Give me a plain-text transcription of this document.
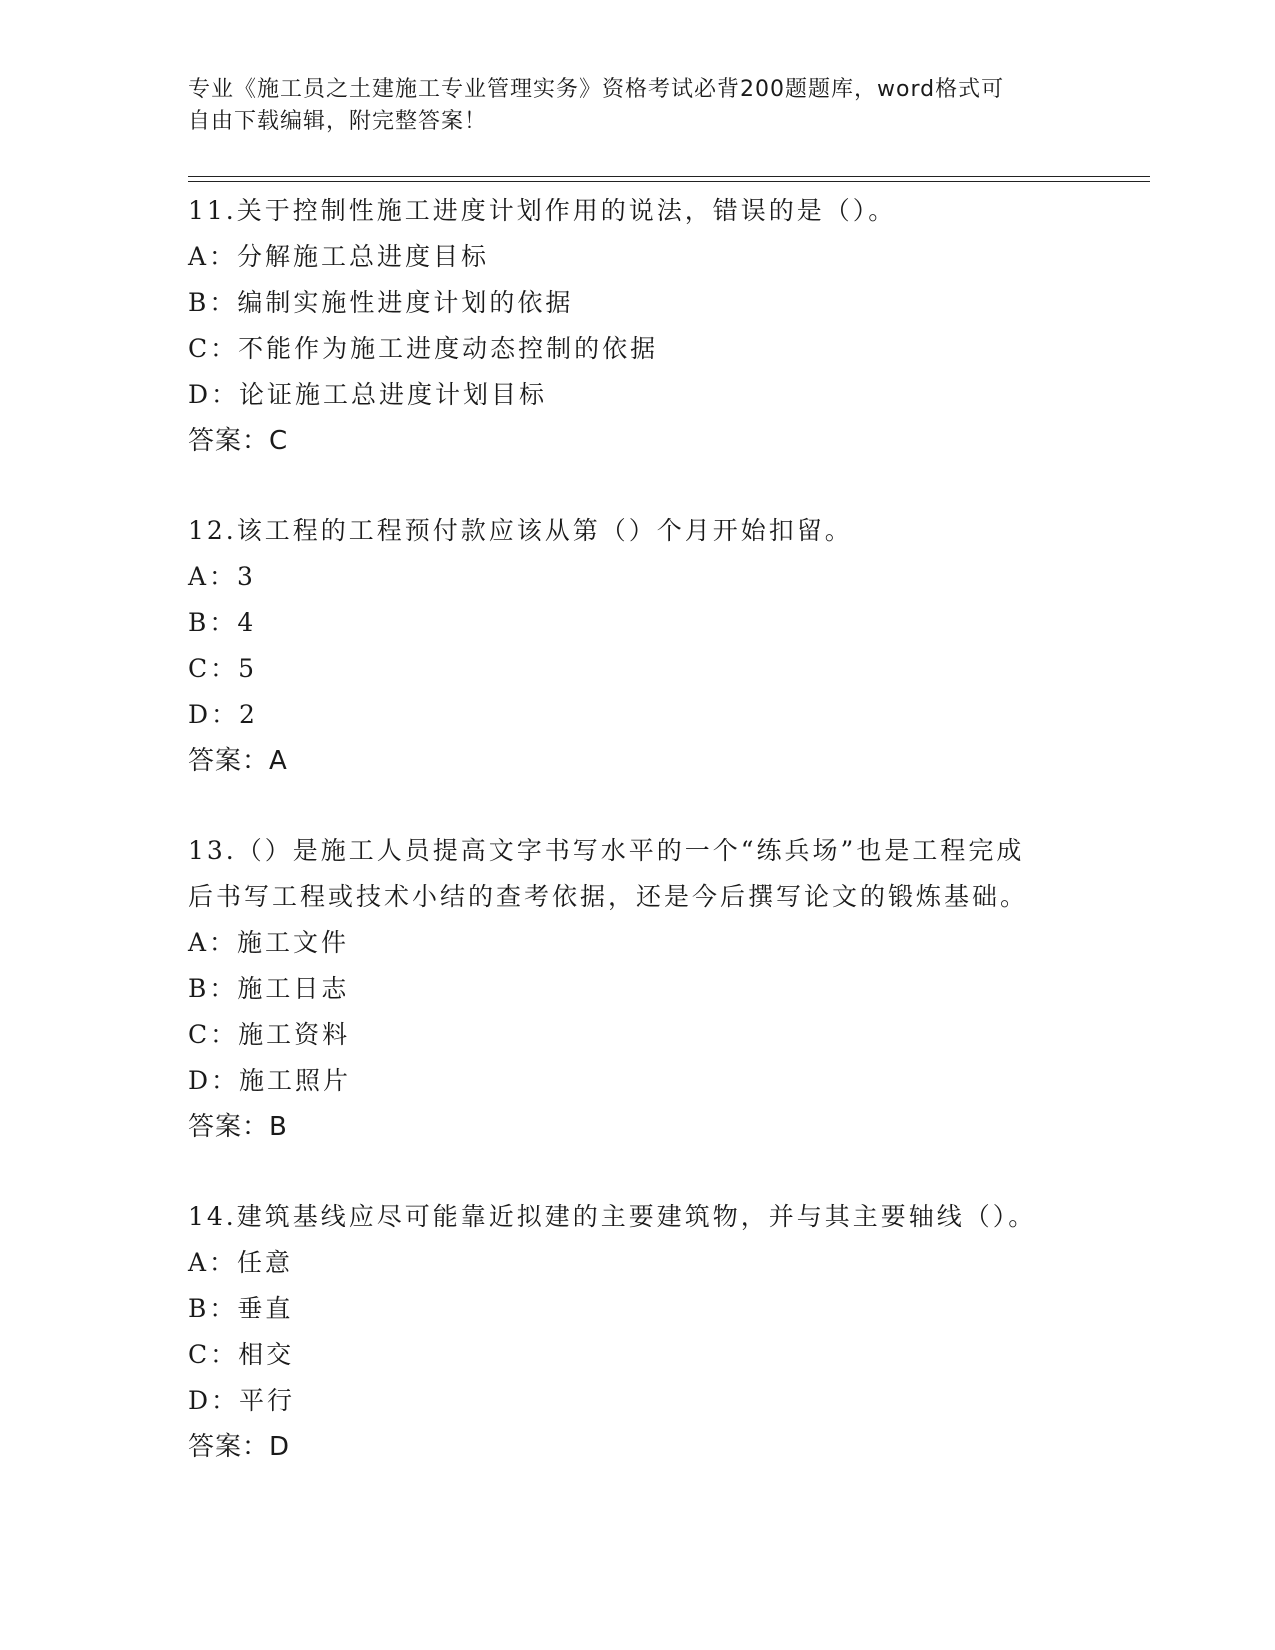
专业《施工员之土建施工专业管理实务》资格考试必背200题题库，word格式可
自由下载编辑，附完整答案！
11.关于控制性施工进度计划作用的说法，错误的是（）。
A：分解施工总进度目标
B：编制实施性进度计划的依据
C：不能作为施工进度动态控制的依据
D：论证施工总进度计划目标
答案：C
12.该工程的工程预付款应该从第（）个月开始扣留。
A：3
B：4
C：5
D：2
答案：A
13.（）是施工人员提高文字书写水平的一个“练兵场”也是工程完成
后书写工程或技术小结的查考依据，还是今后撰写论文的锻炼基础。
A：施工文件
B：施工日志
C：施工资料
D：施工照片
答案：B
14.建筑基线应尽可能靠近拟建的主要建筑物，并与其主要轴线（）。
A：任意
B：垂直
C：相交
D：平行
答案：D
